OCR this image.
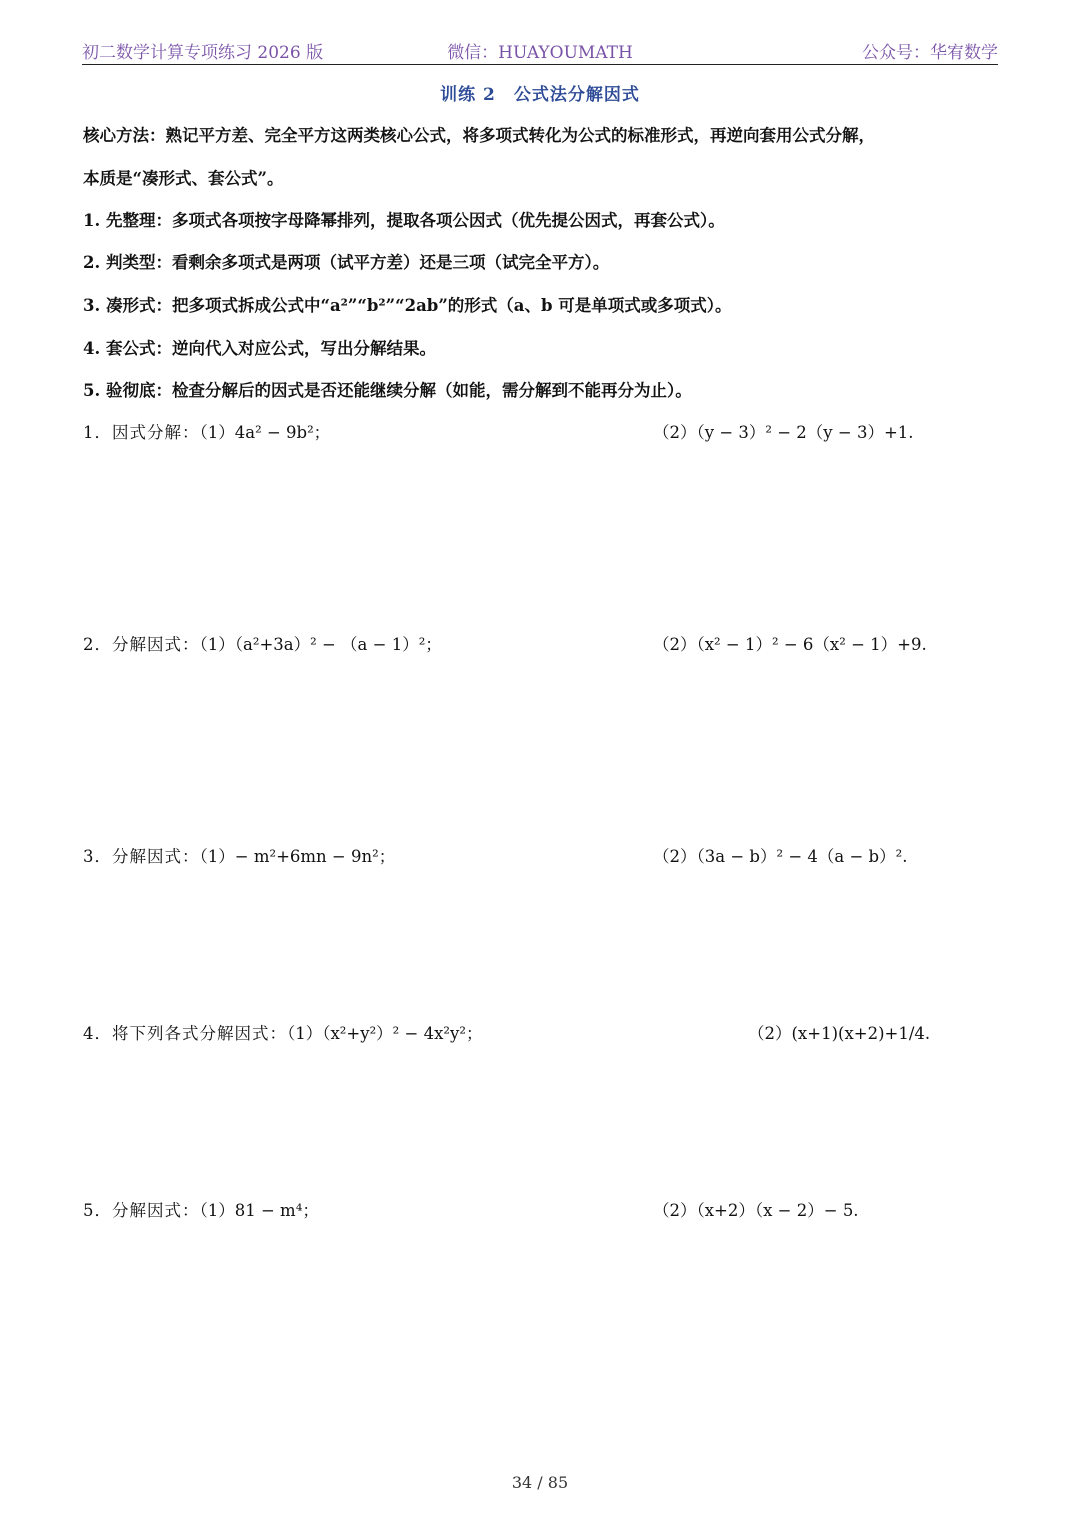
初二数学计算专项练习 2026 版	微信：HUAYOUMATH	公众号：华宥数学
训练 2　公式法分解因式
核心方法：熟记平方差、完全平方这两类核心公式，将多项式转化为公式的标准形式，再逆向套用公式分解，
本质是“凑形式、套公式”。
1. 先整理：多项式各项按字母降幂排列，提取各项公因式（优先提公因式，再套公式）。
2. 判类型：看剩余多项式是两项（试平方差）还是三项（试完全平方）。
3. 凑形式：把多项式拆成公式中“a²”“b²”“2ab”的形式（a、b 可是单项式或多项式）。
4. 套公式：逆向代入对应公式，写出分解结果。
5. 验彻底：检查分解后的因式是否还能继续分解（如能，需分解到不能再分为止）。
1．因式分解：（1）4a² − 9b²；	（2）（y − 3）² − 2（y − 3）+1.
2．分解因式：（1）（a²+3a）² − （a − 1）²；	（2）（x² − 1）² − 6（x² − 1）+9.
3．分解因式：（1）− m²+6mn − 9n²；	（2）（3a − b）² − 4（a − b）².
4．将下列各式分解因式：（1）（x²+y²）² − 4x²y²；	（2）(x+1)(x+2)+1/4.
5．分解因式：（1）81 − m⁴；	（2）（x+2）（x − 2）− 5.
34 / 85
